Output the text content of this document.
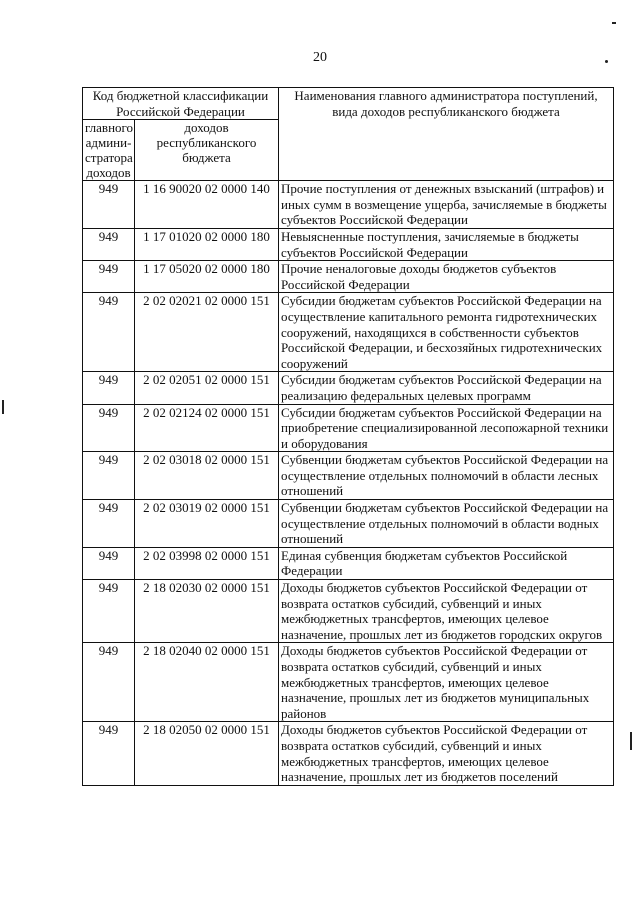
20
Код бюджетной классификации Российской Федерации		Наименования главного администратора поступлений, вида доходов республиканского бюджета
главного админи-стратора доходов	доходов республиканского бюджета	
949	1 16 90020 02 0000 140	Прочие поступления от денежных взысканий (штрафов) и иных сумм в возмещение ущерба, зачисляемые в бюджеты субъектов Российской Федерации
949	1 17 01020 02 0000 180	Невыясненные поступления, зачисляемые в бюджеты субъектов Российской Федерации
949	1 17 05020 02 0000 180	Прочие неналоговые доходы бюджетов субъектов Российской Федерации
949	2 02 02021 02 0000 151	Субсидии бюджетам субъектов Российской Федерации на осуществление капитального ремонта гидротехнических сооружений, находящихся в собственности субъектов Российской Федерации, и бесхозяйных гидротехнических сооружений
949	2 02 02051 02 0000 151	Субсидии бюджетам субъектов Российской Федерации на реализацию федеральных целевых программ
949	2 02 02124 02 0000 151	Субсидии бюджетам субъектов Российской Федерации на приобретение специализированной лесопожарной техники и оборудования
949	2 02 03018 02 0000 151	Субвенции бюджетам субъектов Российской Федерации на осуществление отдельных полномочий в области лесных отношений
949	2 02 03019 02 0000 151	Субвенции бюджетам субъектов Российской Федерации на осуществление отдельных полномочий в области водных отношений
949	2 02 03998 02 0000 151	Единая субвенция бюджетам субъектов Российской Федерации
949	2 18 02030 02 0000 151	Доходы бюджетов субъектов Российской Федерации от возврата остатков субсидий, субвенций и иных межбюджетных трансфертов, имеющих целевое назначение, прошлых лет из бюджетов городских округов
949	2 18 02040 02 0000 151	Доходы бюджетов субъектов Российской Федерации от возврата остатков субсидий, субвенций и иных межбюджетных трансфертов, имеющих целевое назначение, прошлых лет из бюджетов муниципальных районов
949	2 18 02050 02 0000 151	Доходы бюджетов субъектов Российской Федерации от возврата остатков субсидий, субвенций и иных межбюджетных трансфертов, имеющих целевое назначение, прошлых лет из бюджетов поселений
